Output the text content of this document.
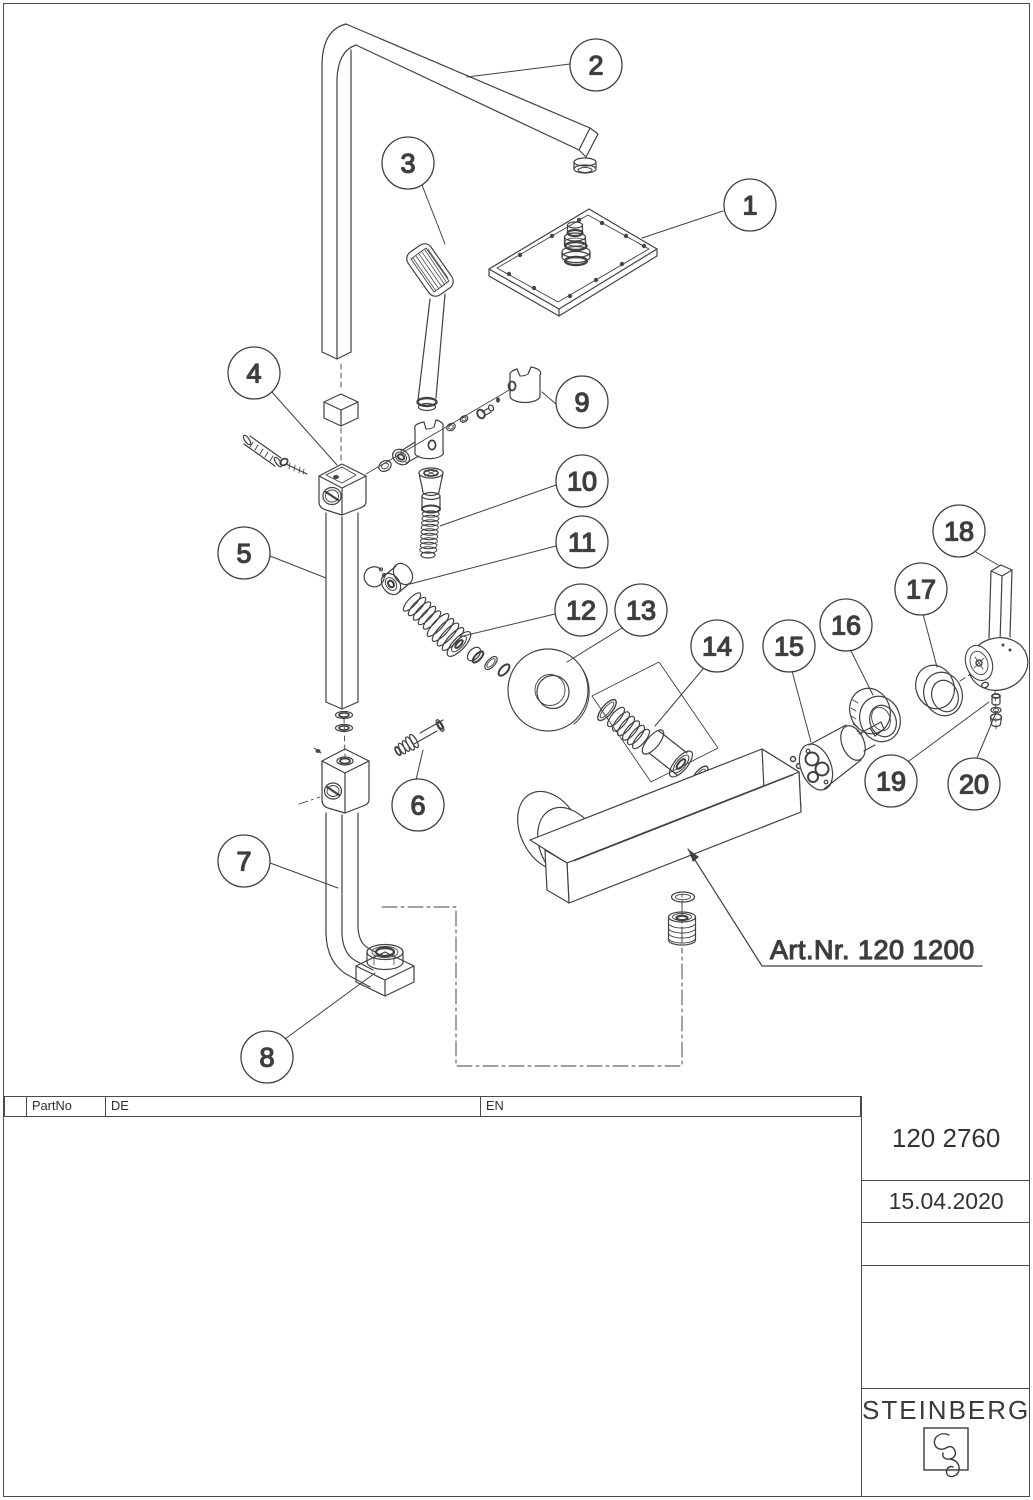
Art.Nr. 120 1200
1
2
3
4
5
6
7
8
9
10
11
12 13
14 15
16
17
18
19 20
	PartNo	DE	EN
120 2760
15.04.2020
STEINBERG
